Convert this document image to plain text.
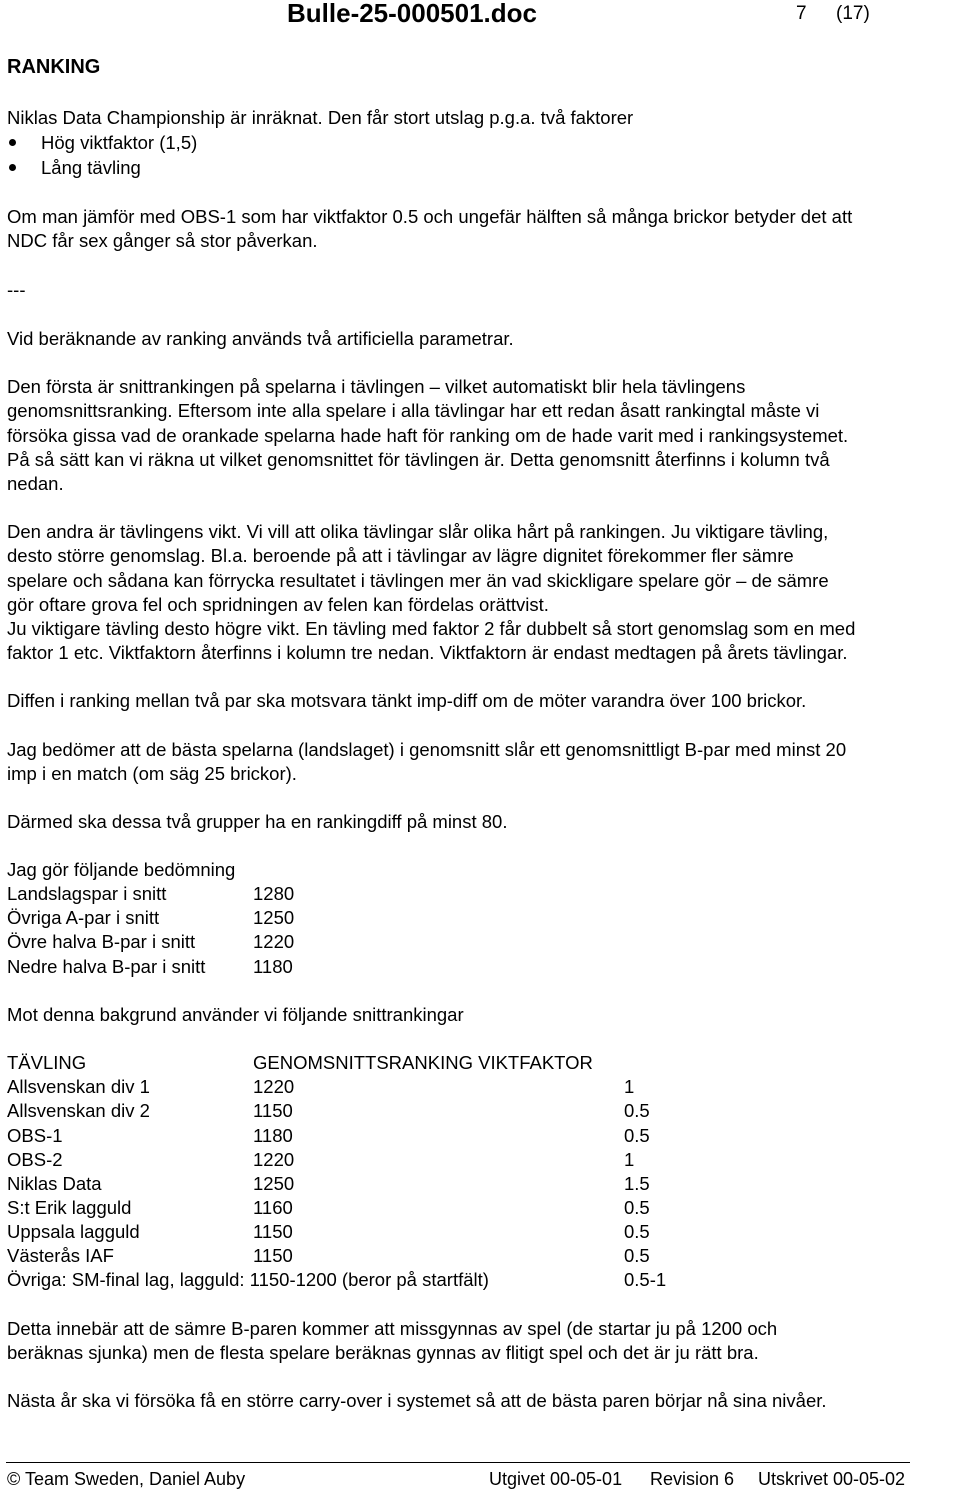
Bulle-25-000501.doc	7 (17)
RANKING
Niklas Data Championship är inräknat. Den får stort utslag p.g.a. två faktorer
Hög viktfaktor (1,5)
Lång tävling
Om man jämför med OBS-1 som har viktfaktor 0.5 och ungefär hälften så många brickor betyder det att
NDC får sex gånger så stor påverkan.
---
Vid beräknande av ranking används två artificiella parametrar.
Den första är snittrankingen på spelarna i tävlingen – vilket automatiskt blir hela tävlingens
genomsnittsranking. Eftersom inte alla spelare i alla tävlingar har ett redan åsatt rankingtal måste vi
försöka gissa vad de orankade spelarna hade haft för ranking om de hade varit med i rankingsystemet.
På så sätt kan vi räkna ut vilket genomsnittet för tävlingen är. Detta genomsnitt återfinns i kolumn två
nedan.
Den andra är tävlingens vikt. Vi vill att olika tävlingar slår olika hårt på rankingen. Ju viktigare tävling,
desto större genomslag. Bl.a. beroende på att i tävlingar av lägre dignitet förekommer fler sämre
spelare och sådana kan förrycka resultatet i tävlingen mer än vad skickligare spelare gör – de sämre
gör oftare grova fel och spridningen av felen kan fördelas orättvist.
Ju viktigare tävling desto högre vikt. En tävling med faktor 2 får dubbelt så stort genomslag som en med
faktor 1 etc. Viktfaktorn återfinns i kolumn tre nedan. Viktfaktorn är endast medtagen på årets tävlingar.
Diffen i ranking mellan två par ska motsvara tänkt imp-diff om de möter varandra över 100 brickor.
Jag bedömer att de bästa spelarna (landslaget) i genomsnitt slår ett genomsnittligt B-par med minst 20
imp i en match (om säg 25 brickor).
Därmed ska dessa två grupper ha en rankingdiff på minst 80.
Jag gör följande bedömning
Landslagspar i snitt	1280
Övriga A-par i snitt	1250
Övre halva B-par i snitt	1220
Nedre halva B-par i snitt	1180
Mot denna bakgrund använder vi följande snittrankingar
TÄVLING	GENOMSNITTSRANKING VIKTFAKTOR
Allsvenskan div 1	1220	1
Allsvenskan div 2	1150	0.5
OBS-1	1180	0.5
OBS-2	1220	1
Niklas Data	1250	1.5
S:t Erik lagguld	1160	0.5
Uppsala lagguld	1150	0.5
Västerås IAF	1150	0.5
Övriga: SM-final lag, lagguld: 1150-1200 (beror på startfält)	0.5-1
Detta innebär att de sämre B-paren kommer att missgynnas av spel (de startar ju på 1200 och
beräknas sjunka) men de flesta spelare beräknas gynnas av flitigt spel och det är ju rätt bra.
Nästa år ska vi försöka få en större carry-over i systemet så att de bästa paren börjar nå sina nivåer.
© Team Sweden, Daniel Auby	Utgivet 00-05-01 Revision 6 Utskrivet 00-05-02
